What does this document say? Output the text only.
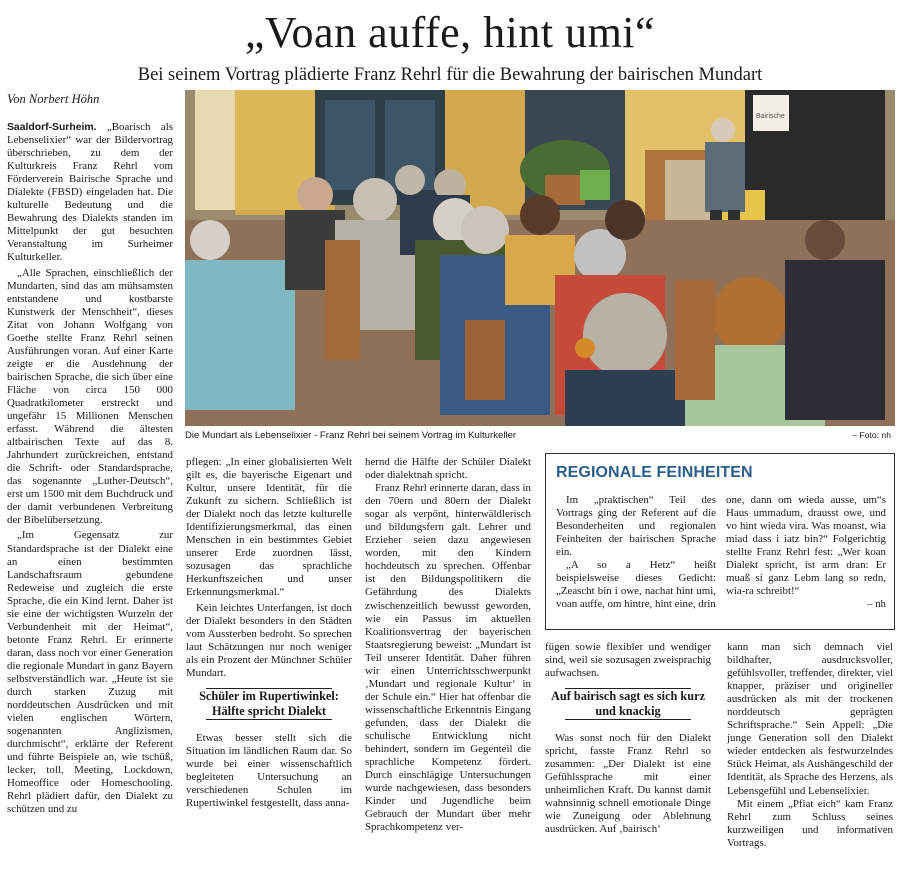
„Voan auffe, hint umi“
Bei seinem Vortrag plädierte Franz Rehrl für die Bewahrung der bairischen Mundart
Von Norbert Höhn

Saaldorf-Surheim. „Boarisch als Lebenselixier“ war der Bildervortrag überschrieben, zu dem der Kulturkreis Franz Rehrl vom Förderverein Bairische Sprache und Dialekte (FBSD) eingeladen hat. Die kulturelle Bedeutung und die Bewahrung des Dialekts standen im Mittelpunkt der gut besuchten Veranstaltung im Surheimer Kulturkeller.

„Alle Sprachen, einschließlich der Mundarten, sind das am mühsamsten entstandene und kostbarste Kunstwerk der Menschheit“, dieses Zitat von Johann Wolfgang von Goethe stellte Franz Rehrl seinen Ausführungen voran. Auf einer Karte zeigte er die Ausdehnung der bairischen Sprache, die sich über eine Fläche von circa 150 000 Quadratkilometer erstreckt und ungefähr 15 Millionen Menschen erfasst. Während die ältesten altbairischen Texte auf das 8. Jahrhundert zurückreichen, entstand die Schrift- oder Standardsprache, das sogenannte „Luther-Deutsch“, erst um 1500 mit dem Buchdruck und der damit verbundenen Verbreitung der Bibelübersetzung.

„Im Gegensatz zur Standardsprache ist der Dialekt eine an einen bestimmten Landschaftsraum gebundene Redeweise und zugleich die erste Sprache, die ein Kind lernt. Daher ist sie eine der wichtigsten Wurzeln der Verbundenheit mit der Heimat“, betonte Franz Rehrl. Er erinnerte daran, dass noch vor einer Generation die regionale Mundart in ganz Bayern selbstverständlich war. „Heute ist sie durch starken Zuzug mit norddeutschen Ausdrücken und mit vielen englischen Wörtern, sogenannten Anglizismen, durchmischt“, erklärte der Referent und führte Beispiele an, wie tschüß, lecker, toll, Meeting, Lockdown, Homeoffice oder Homeschooling. Rehrl plädiert dafür, den Dialekt zu schützen und zu

Bairische
Die Mundart als Lebenselixier - Franz Rehrl bei seinem Vortrag im Kulturkeller	– Foto: nh

pflegen: „In einer globalisierten Welt gilt es, die bayerische Eigenart und Kultur, unsere Identität, für die Zukunft zu sichern. Schließlich ist der Dialekt noch das letzte kulturelle Identifizierungsmerkmal, das einen Menschen in ein bestimmtes Gebiet unserer Erde zuordnen lässt, sozusagen das sprachliche Herkunftszeichen und unser Erkennungsmerkmal.“

Kein leichtes Unterfangen, ist doch der Dialekt besonders in den Städten vom Aussterben bedroht. So sprechen laut Schätzungen nur noch weniger als ein Prozent der Münchner Schüler Mundart.

Schüler im Rupertiwinkel: Hälfte spricht Dialekt

Etwas besser stellt sich die Situation im ländlichen Raum dar. So wurde bei einer wissenschaftlich begleiteten Untersuchung an verschiedenen Schulen im Rupertiwinkel festgestellt, dass anna-

hernd die Hälfte der Schüler Dialekt oder dialektnah spricht.

Franz Rehrl erinnerte daran, dass in den 70ern und 80ern der Dialekt sogar als verpönt, hinterwäldlerisch und bildungsfern galt. Lehrer und Erzieher seien dazu angewiesen worden, mit den Kindern hochdeutsch zu sprechen. Offenbar ist den Bildungspolitikern die Gefährdung des Dialekts zwischenzeitlich bewusst geworden, wie ein Passus im aktuellen Koalitionsvertrag der bayerischen Staatsregierung beweist: „Mundart ist Teil unserer Identität. Daher führen wir einen Unterrichtsschwerpunkt ‚Mundart und regionale Kultur‘ in der Schule ein.“ Hier hat offenbar die wissenschaftliche Erkenntnis Eingang gefunden, dass der Dialekt die schulische Entwicklung nicht behindert, sondern im Gegenteil die sprachliche Kompetenz fördert. Durch einschlägige Untersuchungen wurde nachgewiesen, dass besonders Kinder und Jugendliche beim Gebrauch der Mundart über mehr Sprachkompetenz ver-

REGIONALE FEINHEITEN

Im „praktischen“ Teil des Vortrags ging der Referent auf die Besonderheiten und regionalen Feinheiten der bairischen Sprache ein.

„A so a Hetz“ heißt beispielsweise dieses Gedicht: „Zeascht bin i owe, nachat hint umi, voan auffe, om hintre, hint eine, drin

one, dann om wieda ausse, um“s Haus ummadum, drausst owe, und vo hint wieda vira. Was moanst, wia miad dass i iatz bin?“ Folgerichtig stellte Franz Rehrl fest: „Wer koan Dialekt spricht, ist arm dran: Er muaß si ganz Lebm lang so redn, wia-ra schreibt!“

– nh

fügen sowie flexibler und wendiger sind, weil sie sozusagen zweisprachig aufwachsen.

Auf bairisch sagt es sich kurz und knackig

Was sonst noch für den Dialekt spricht, fasste Franz Rehrl so zusammen: „Der Dialekt ist eine Gefühlssprache mit einer unheimlichen Kraft. Du kannst damit wahnsinnig schnell emotionale Dinge wie Zuneigung oder Ablehnung ausdrücken. Auf ‚bairisch‘

kann man sich demnach viel bildhafter, ausdrucksvoller, gefühlsvoller, treffender, direkter, viel knapper, präziser und origineller ausdrücken als mit der trockenen norddeutsch geprägten Schriftsprache.“ Sein Appell: „Die junge Generation soll den Dialekt wieder entdecken als festwurzelndes Stück Heimat, als Aushängeschild der Identität, als Sprache des Herzens, als Lebensgefühl und Lebenselixier.

Mit einem „Pfiat eich“ kam Franz Rehrl zum Schluss seines kurzweiligen und informativen Vortrags.
